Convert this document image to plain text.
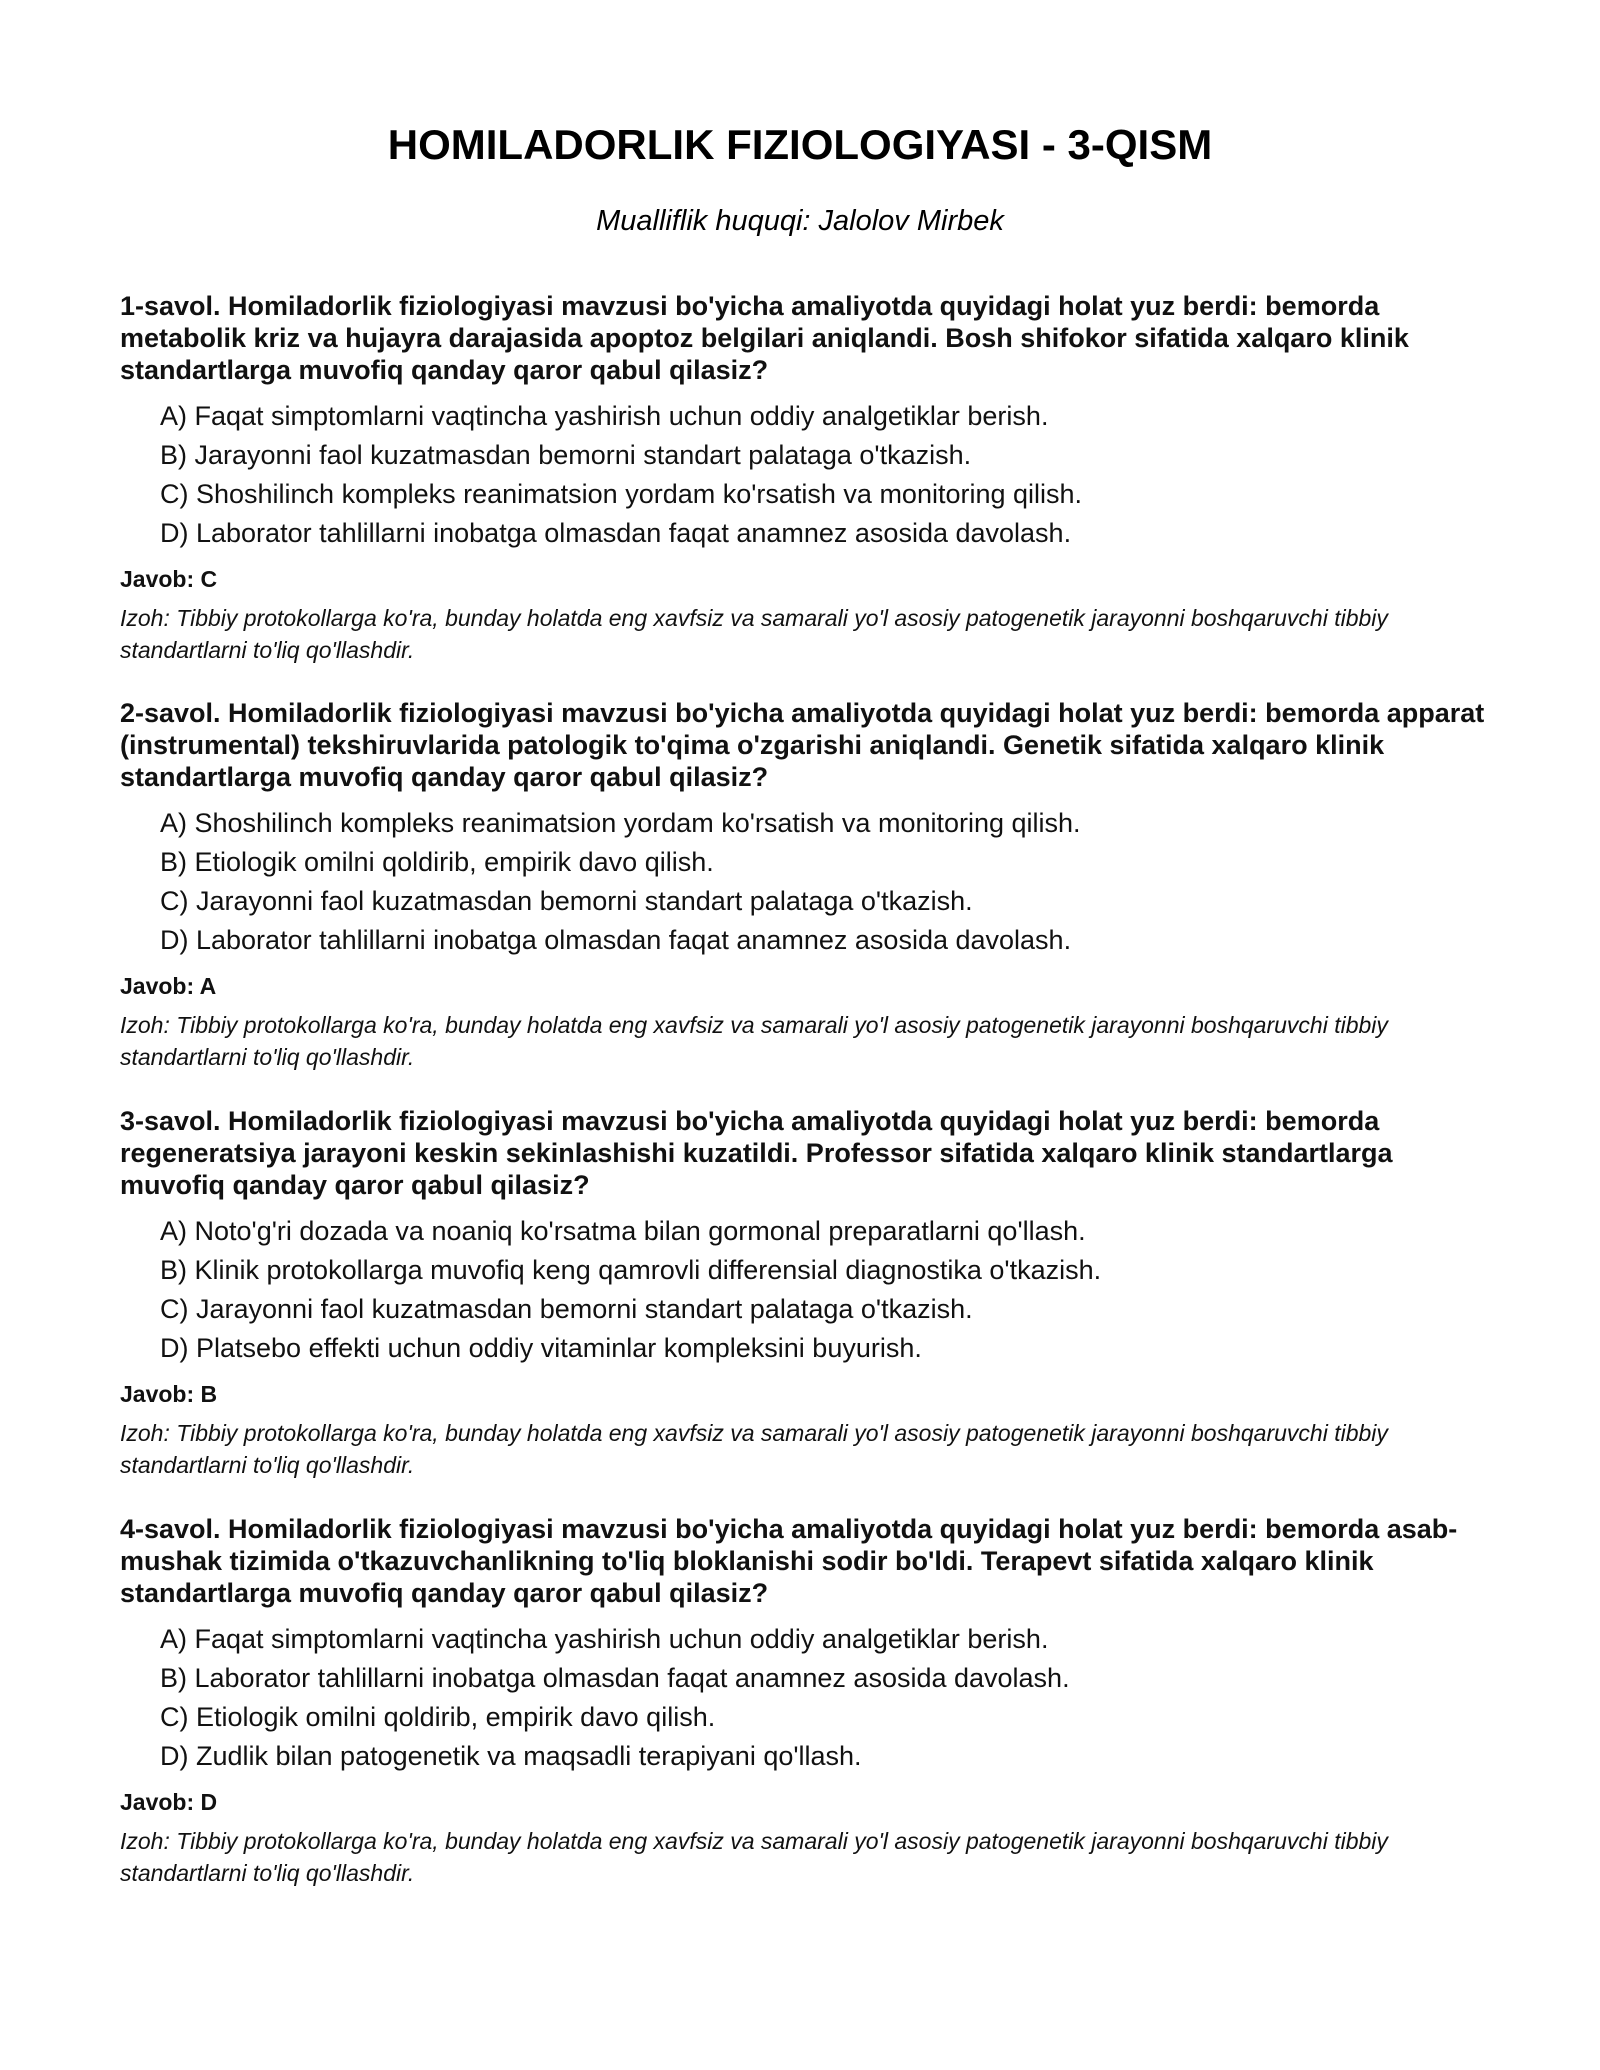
HOMILADORLIK FIZIOLOGIYASI - 3-QISM

Mualliflik huquqi: Jalolov Mirbek

1-savol. Homiladorlik fiziologiyasi mavzusi bo'yicha amaliyotda quyidagi holat yuz berdi: bemorda metabolik kriz va hujayra darajasida apoptoz belgilari aniqlandi. Bosh shifokor sifatida xalqaro klinik standartlarga muvofiq qanday qaror qabul qilasiz?

A) Faqat simptomlarni vaqtincha yashirish uchun oddiy analgetiklar berish.
B) Jarayonni faol kuzatmasdan bemorni standart palataga o'tkazish.
C) Shoshilinch kompleks reanimatsion yordam ko'rsatish va monitoring qilish.
D) Laborator tahlillarni inobatga olmasdan faqat anamnez asosida davolash.

Javob: C

Izoh: Tibbiy protokollarga ko'ra, bunday holatda eng xavfsiz va samarali yo'l asosiy patogenetik jarayonni boshqaruvchi tibbiy standartlarni to'liq qo'llashdir.

2-savol. Homiladorlik fiziologiyasi mavzusi bo'yicha amaliyotda quyidagi holat yuz berdi: bemorda apparat (instrumental) tekshiruvlarida patologik to'qima o'zgarishi aniqlandi. Genetik sifatida xalqaro klinik standartlarga muvofiq qanday qaror qabul qilasiz?

A) Shoshilinch kompleks reanimatsion yordam ko'rsatish va monitoring qilish.
B) Etiologik omilni qoldirib, empirik davo qilish.
C) Jarayonni faol kuzatmasdan bemorni standart palataga o'tkazish.
D) Laborator tahlillarni inobatga olmasdan faqat anamnez asosida davolash.

Javob: A

Izoh: Tibbiy protokollarga ko'ra, bunday holatda eng xavfsiz va samarali yo'l asosiy patogenetik jarayonni boshqaruvchi tibbiy standartlarni to'liq qo'llashdir.

3-savol. Homiladorlik fiziologiyasi mavzusi bo'yicha amaliyotda quyidagi holat yuz berdi: bemorda regeneratsiya jarayoni keskin sekinlashishi kuzatildi. Professor sifatida xalqaro klinik standartlarga muvofiq qanday qaror qabul qilasiz?

A) Noto'g'ri dozada va noaniq ko'rsatma bilan gormonal preparatlarni qo'llash.
B) Klinik protokollarga muvofiq keng qamrovli differensial diagnostika o'tkazish.
C) Jarayonni faol kuzatmasdan bemorni standart palataga o'tkazish.
D) Platsebo effekti uchun oddiy vitaminlar kompleksini buyurish.

Javob: B

Izoh: Tibbiy protokollarga ko'ra, bunday holatda eng xavfsiz va samarali yo'l asosiy patogenetik jarayonni boshqaruvchi tibbiy standartlarni to'liq qo'llashdir.

4-savol. Homiladorlik fiziologiyasi mavzusi bo'yicha amaliyotda quyidagi holat yuz berdi: bemorda asab-mushak tizimida o'tkazuvchanlikning to'liq bloklanishi sodir bo'ldi. Terapevt sifatida xalqaro klinik standartlarga muvofiq qanday qaror qabul qilasiz?

A) Faqat simptomlarni vaqtincha yashirish uchun oddiy analgetiklar berish.
B) Laborator tahlillarni inobatga olmasdan faqat anamnez asosida davolash.
C) Etiologik omilni qoldirib, empirik davo qilish.
D) Zudlik bilan patogenetik va maqsadli terapiyani qo'llash.

Javob: D

Izoh: Tibbiy protokollarga ko'ra, bunday holatda eng xavfsiz va samarali yo'l asosiy patogenetik jarayonni boshqaruvchi tibbiy standartlarni to'liq qo'llashdir.
